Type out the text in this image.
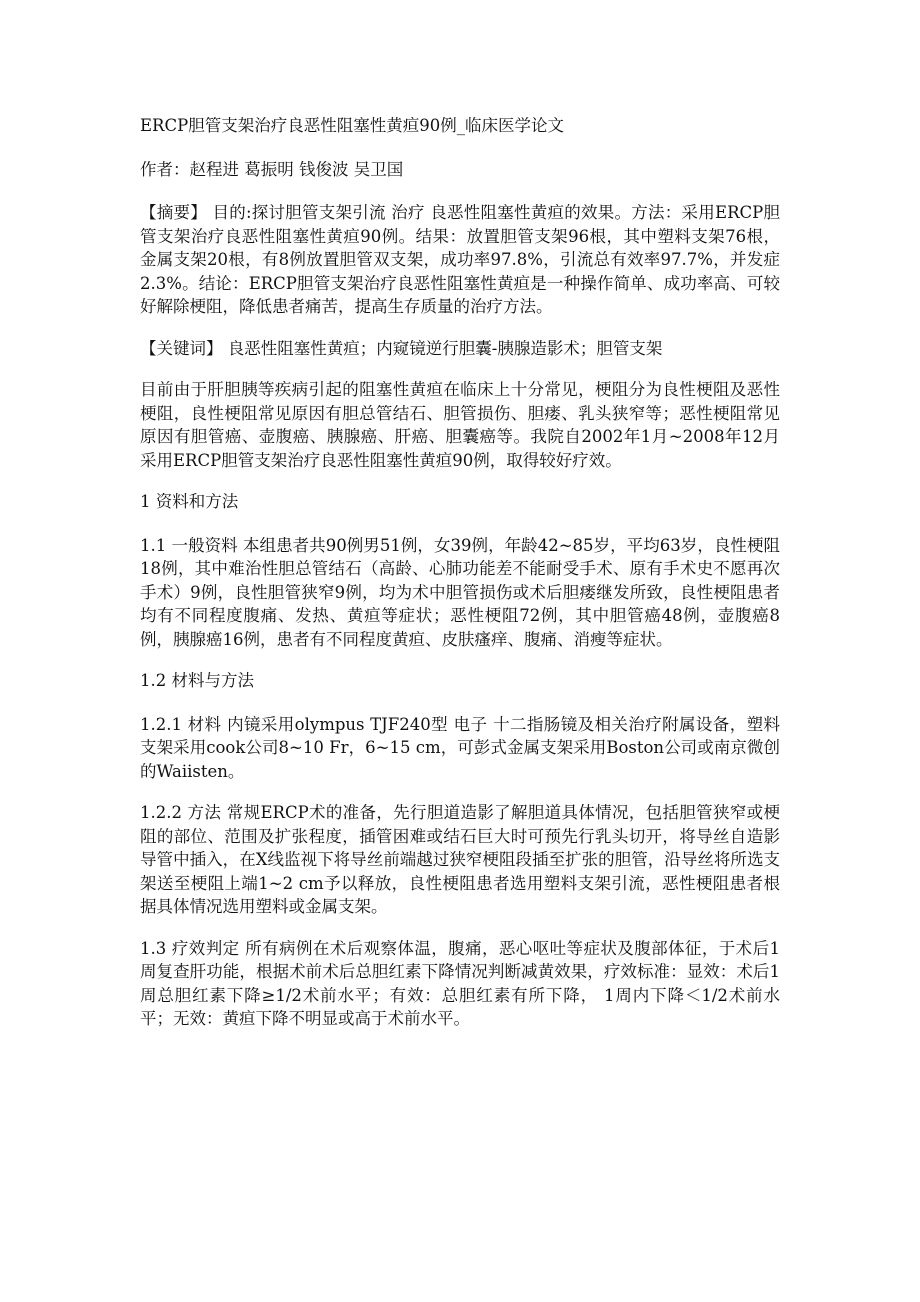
ERCP胆管支架治疗良恶性阻塞性黄疸90例_临床医学论文

作者：赵程进 葛振明 钱俊波 吴卫国

【摘要】 目的:探讨胆管支架引流 治疗 良恶性阻塞性黄疸的效果。方法：采用ERCP胆管支架治疗良恶性阻塞性黄疸90例。结果：放置胆管支架96根，其中塑料支架76根，金属支架20根，有8例放置胆管双支架，成功率97.8%，引流总有效率97.7%，并发症2.3%。结论：ERCP胆管支架治疗良恶性阻塞性黄疸是一种操作简单、成功率高、可较好解除梗阻，降低患者痛苦，提高生存质量的治疗方法。

【关键词】 良恶性阻塞性黄疸；内窥镜逆行胆囊-胰腺造影术；胆管支架

目前由于肝胆胰等疾病引起的阻塞性黄疸在临床上十分常见，梗阻分为良性梗阻及恶性梗阻，良性梗阻常见原因有胆总管结石、胆管损伤、胆瘘、乳头狭窄等；恶性梗阻常见原因有胆管癌、壶腹癌、胰腺癌、肝癌、胆囊癌等。我院自2002年1月~2008年12月采用ERCP胆管支架治疗良恶性阻塞性黄疸90例，取得较好疗效。

1 资料和方法

1.1 一般资料 本组患者共90例男51例，女39例，年龄42~85岁，平均63岁，良性梗阻18例，其中难治性胆总管结石（高龄、心肺功能差不能耐受手术、原有手术史不愿再次手术）9例，良性胆管狭窄9例，均为术中胆管损伤或术后胆瘘继发所致，良性梗阻患者均有不同程度腹痛、发热、黄疸等症状；恶性梗阻72例，其中胆管癌48例，壶腹癌8例，胰腺癌16例，患者有不同程度黄疸、皮肤瘙痒、腹痛、消瘦等症状。

1.2 材料与方法

1.2.1 材料 内镜采用olympus TJF240型 电子 十二指肠镜及相关治疗附属设备，塑料支架采用cook公司8~10 Fr，6~15 cm，可彭式金属支架采用Boston公司或南京微创的Waiisten。

1.2.2 方法 常规ERCP术的准备，先行胆道造影了解胆道具体情况，包括胆管狭窄或梗阻的部位、范围及扩张程度，插管困难或结石巨大时可预先行乳头切开，将导丝自造影导管中插入，在X线监视下将导丝前端越过狭窄梗阻段插至扩张的胆管，沿导丝将所选支架送至梗阻上端1~2 cm予以释放，良性梗阻患者选用塑料支架引流，恶性梗阻患者根据具体情况选用塑料或金属支架。

1.3 疗效判定 所有病例在术后观察体温，腹痛，恶心呕吐等症状及腹部体征，于术后1周复查肝功能，根据术前术后总胆红素下降情况判断减黄效果，疗效标准：显效：术后1周总胆红素下降≥1/2术前水平；有效：总胆红素有所下降， 1周内下降＜1/2术前水平；无效：黄疸下降不明显或高于术前水平。
